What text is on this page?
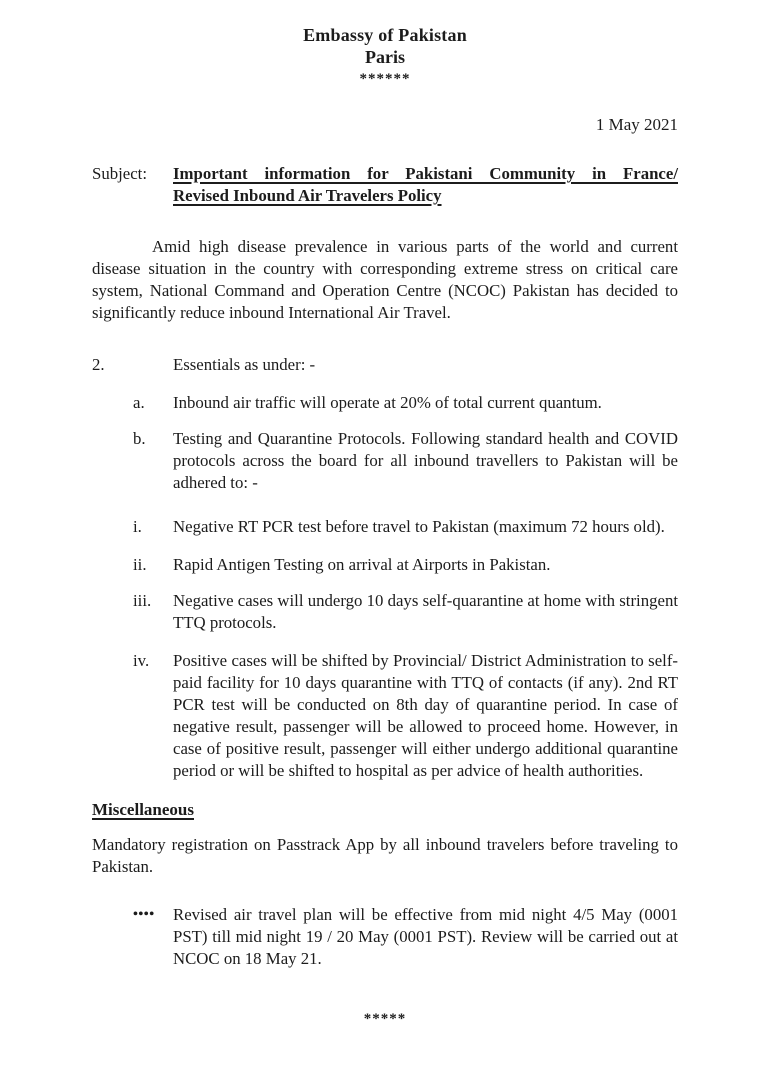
Embassy of Pakistan
Paris
******
1 May 2021
Subject:	Important information for Pakistani Community in France/
Revised Inbound Air Travelers Policy

Amid high disease prevalence in various parts of the world and current disease situation in the country with corresponding extreme stress on critical care system, National Command and Operation Centre (NCOC) Pakistan has decided to significantly reduce inbound International Air Travel.

2.	Essentials as under: -
a.	Inbound air traffic will operate at 20% of total current quantum.
b.	Testing and Quarantine Protocols. Following standard health and COVID protocols across the board for all inbound travellers to Pakistan will be adhered to: -
i.	Negative RT PCR test before travel to Pakistan (maximum 72 hours old).
ii.	Rapid Antigen Testing on arrival at Airports in Pakistan.
iii.	Negative cases will undergo 10 days self-quarantine at home with stringent TTQ protocols.
iv.	Positive cases will be shifted by Provincial/ District Administration to self-paid facility for 10 days quarantine with TTQ of contacts (if any). 2nd RT PCR test will be conducted on 8th day of quarantine period. In case of negative result, passenger will be allowed to proceed home. However, in case of positive result, passenger will either undergo additional quarantine period or will be shifted to hospital as per advice of health authorities.
Miscellaneous

Mandatory registration on Passtrack App by all inbound travelers before traveling to Pakistan.

••••	Revised air travel plan will be effective from mid night 4/5 May (0001 PST) till mid night 19 / 20 May (0001 PST). Review will be carried out at NCOC on 18 May 21.
*****
